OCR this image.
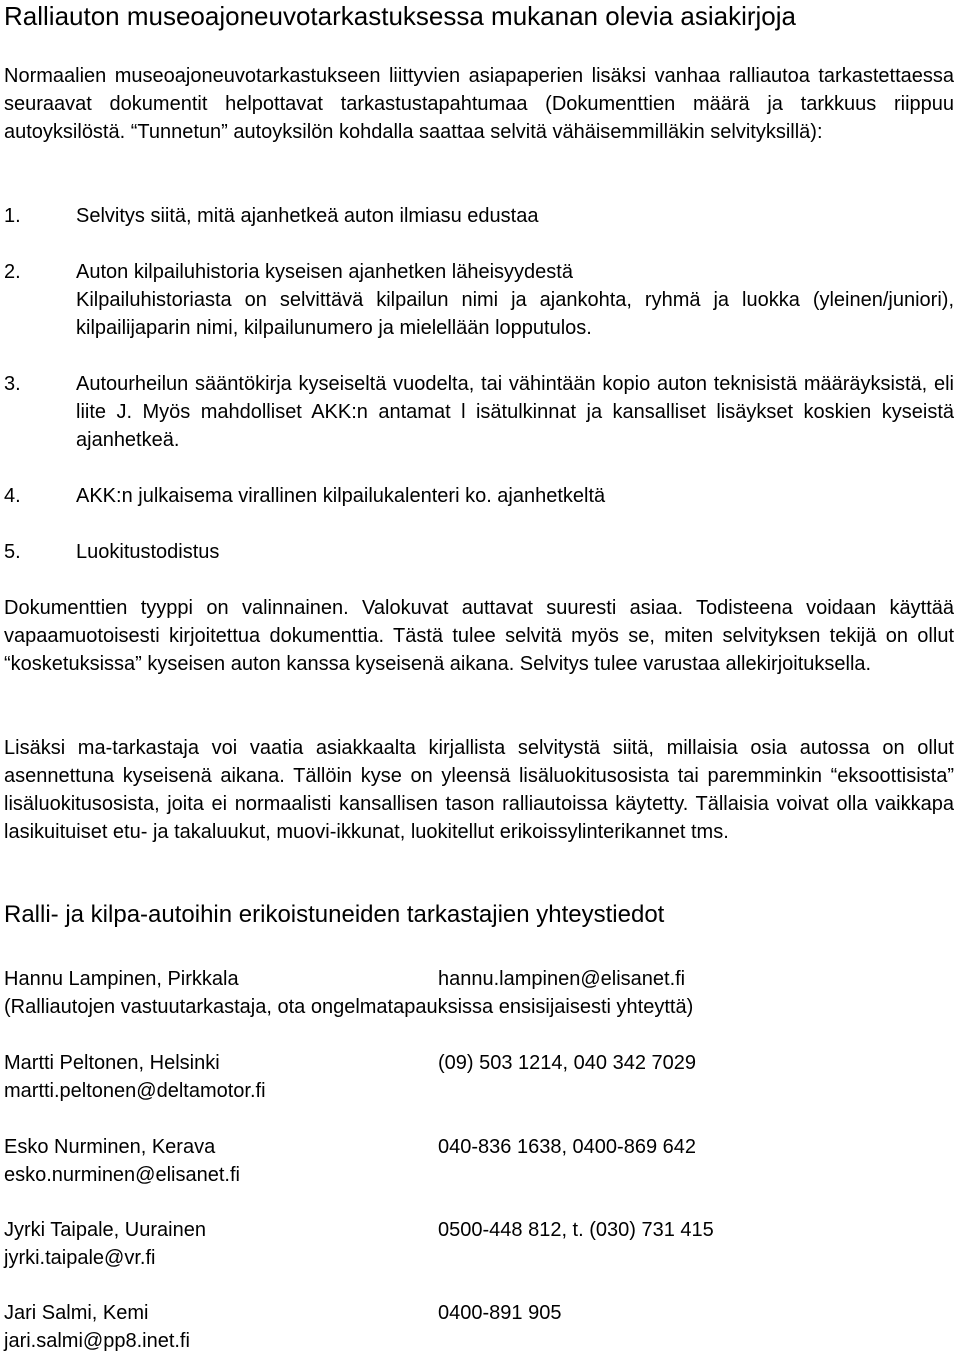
Ralliauton museoajoneuvotarkastuksessa mukanan olevia asiakirjoja
Normaalien museoajoneuvotarkastukseen liittyvien asiapaperien lisäksi vanhaa ralliautoa tarkastettaessa seuraavat dokumentit helpottavat tarkastustapahtumaa (Dokumenttien määrä ja tarkkuus riippuu autoyksilöstä. “Tunnetun” autoyksilön kohdalla saattaa selvitä vähäisemmilläkin selvityksillä):
1.	Selvitys siitä, mitä ajanhetkeä auton ilmiasu edustaa
2.	Auton kilpailuhistoria kyseisen ajanhetken läheisyydestä
Kilpailuhistoriasta on selvittävä kilpailun nimi ja ajankohta, ryhmä ja luokka (yleinen/juniori), kilpailijaparin nimi, kilpailunumero ja mielellään lopputulos.
3.	Autourheilun sääntökirja kyseiseltä vuodelta, tai vähintään kopio auton teknisistä määräyksistä, eli liite J. Myös mahdolliset AKK:n antamat l isätulkinnat ja kansalliset lisäykset koskien kyseistä ajanhetkeä.
4.	AKK:n julkaisema virallinen kilpailukalenteri ko. ajanhetkeltä
5.	Luokitustodistus
Dokumenttien tyyppi on valinnainen. Valokuvat auttavat suuresti asiaa. Todisteena voidaan käyttää vapaamuotoisesti kirjoitettua dokumenttia. Tästä tulee selvitä myös se, miten selvityksen tekijä on ollut “kosketuksissa” kyseisen auton kanssa kyseisenä aikana. Selvitys tulee varustaa allekirjoituksella.
Lisäksi ma-tarkastaja voi vaatia asiakkaalta kirjallista selvitystä siitä, millaisia osia autossa on ollut asennettuna kyseisenä aikana. Tällöin kyse on yleensä lisäluokitusosista tai paremminkin “eksoottisista” lisäluokitusosista, joita ei normaalisti kansallisen tason ralliautoissa käytetty. Tällaisia voivat olla vaikkapa lasikuituiset etu- ja takaluukut, muovi-ikkunat, luokitellut erikoissylinterikannet tms.
Ralli- ja kilpa-autoihin erikoistuneiden tarkastajien yhteystiedot
Hannu Lampinen, Pirkkala	hannu.lampinen@elisanet.fi
(Ralliautojen vastuutarkastaja, ota ongelmatapauksissa ensisijaisesti yhteyttä)
Martti Peltonen, Helsinki	(09) 503 1214, 040 342 7029
martti.peltonen@deltamotor.fi
Esko Nurminen, Kerava	040-836 1638, 0400-869 642
esko.nurminen@elisanet.fi
Jyrki Taipale, Uurainen	0500-448 812, t. (030) 731 415
jyrki.taipale@vr.fi
Jari Salmi, Kemi	0400-891 905
jari.salmi@pp8.inet.fi
